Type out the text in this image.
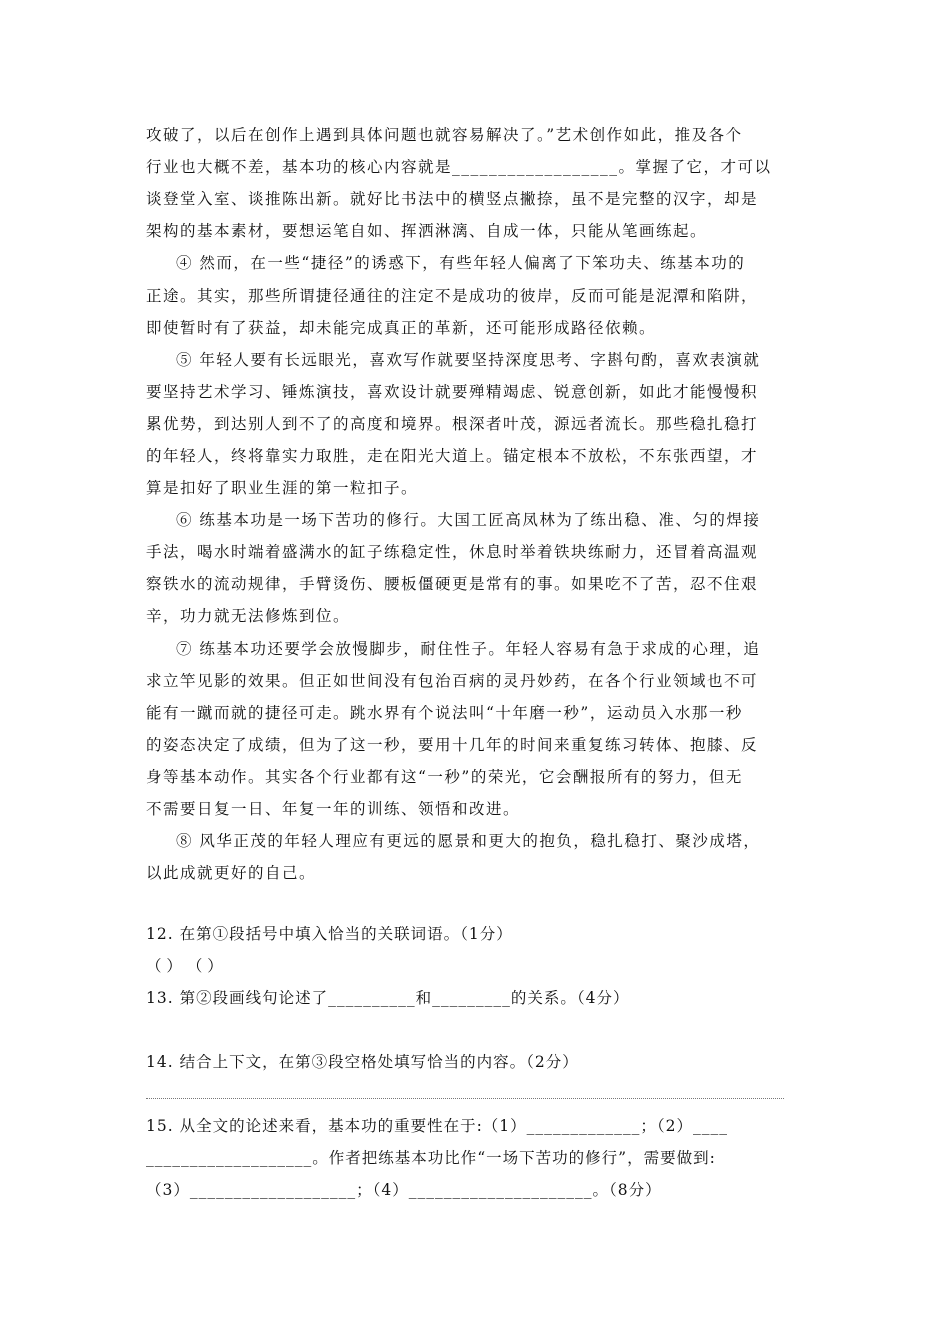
攻破了，以后在创作上遇到具体问题也就容易解决了。”艺术创作如此，推及各个
行业也大概不差，基本功的核心内容就是__________________。掌握了它，才可以
谈登堂入室、谈推陈出新。就好比书法中的横竖点撇捺，虽不是完整的汉字，却是
架构的基本素材，要想运笔自如、挥洒淋漓、自成一体，只能从笔画练起。
④ 然而，在一些“捷径”的诱惑下，有些年轻人偏离了下笨功夫、练基本功的
正途。其实，那些所谓捷径通往的注定不是成功的彼岸，反而可能是泥潭和陷阱，
即使暂时有了获益，却未能完成真正的革新，还可能形成路径依赖。
⑤ 年轻人要有长远眼光，喜欢写作就要坚持深度思考、字斟句酌，喜欢表演就
要坚持艺术学习、锤炼演技，喜欢设计就要殚精竭虑、锐意创新，如此才能慢慢积
累优势，到达别人到不了的高度和境界。根深者叶茂，源远者流长。那些稳扎稳打
的年轻人，终将靠实力取胜，走在阳光大道上。锚定根本不放松，不东张西望，才
算是扣好了职业生涯的第一粒扣子。
⑥ 练基本功是一场下苦功的修行。大国工匠高凤林为了练出稳、准、匀的焊接
手法，喝水时端着盛满水的缸子练稳定性，休息时举着铁块练耐力，还冒着高温观
察铁水的流动规律，手臂烫伤、腰板僵硬更是常有的事。如果吃不了苦，忍不住艰
辛，功力就无法修炼到位。
⑦ 练基本功还要学会放慢脚步，耐住性子。年轻人容易有急于求成的心理，追
求立竿见影的效果。但正如世间没有包治百病的灵丹妙药，在各个行业领域也不可
能有一蹴而就的捷径可走。跳水界有个说法叫“十年磨一秒”，运动员入水那一秒
的姿态决定了成绩，但为了这一秒，要用十几年的时间来重复练习转体、抱膝、反
身等基本动作。其实各个行业都有这“一秒”的荣光，它会酬报所有的努力，但无
不需要日复一日、年复一年的训练、领悟和改进。
⑧ 风华正茂的年轻人理应有更远的愿景和更大的抱负，稳扎稳打、聚沙成塔，
以此成就更好的自己。
12. 在第①段括号中填入恰当的关联词语。（1分）
（ ） （ ）
13. 第②段画线句论述了__________和_________的关系。（4分）
14. 结合上下文，在第③段空格处填写恰当的内容。（2分）
15. 从全文的论述来看，基本功的重要性在于:（1）_____________；（2）____
___________________。作者把练基本功比作“一场下苦功的修行”，需要做到:
（3）___________________；（4）_____________________。（8分）
